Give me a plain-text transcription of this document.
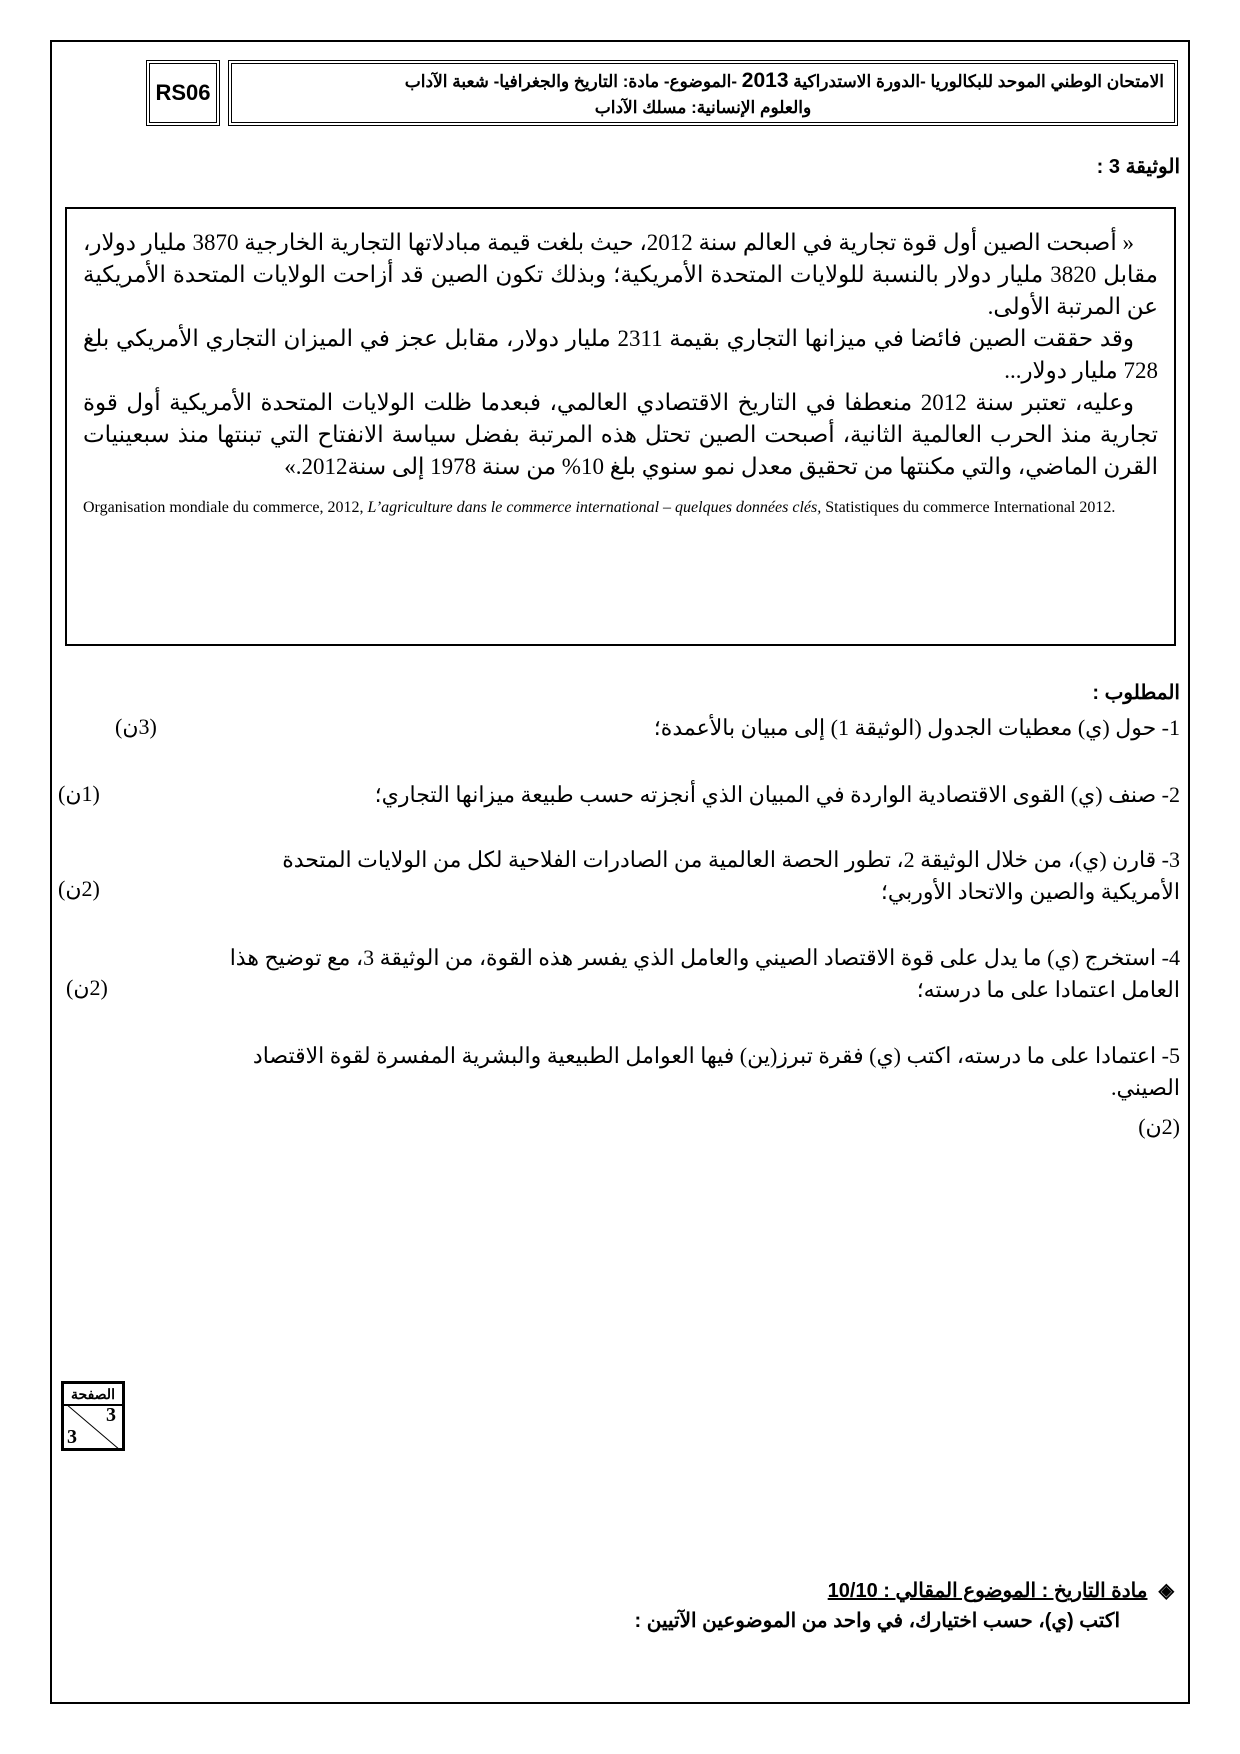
RS06	الامتحان الوطني الموحد للبكالوريا -الدورة الاستدراكية 2013 -الموضوع- مادة: التاريخ والجغرافيا- شعبة الآداب
والعلوم الإنسانية: مسلك الآداب
الوثيقة 3 :

« أصبحت الصين أول قوة تجارية في العالم سنة 2012، حيث بلغت قيمة مبادلاتها التجارية الخارجية 3870 مليار دولار، مقابل 3820 مليار دولار بالنسبة للولايات المتحدة الأمريكية؛ وبذلك تكون الصين قد أزاحت الولايات المتحدة الأمريكية عن المرتبة الأولى.

وقد حققت الصين فائضا في ميزانها التجاري بقيمة 2311 مليار دولار، مقابل عجز في الميزان التجاري الأمريكي بلغ 728 مليار دولار...

وعليه، تعتبر سنة 2012 منعطفا في التاريخ الاقتصادي العالمي، فبعدما ظلت الولايات المتحدة الأمريكية أول قوة تجارية منذ الحرب العالمية الثانية، أصبحت الصين تحتل هذه المرتبة بفضل سياسة الانفتاح التي تبنتها منذ سبعينيات القرن الماضي، والتي مكنتها من تحقيق معدل نمو سنوي بلغ 10% من سنة 1978 إلى سنة2012.»

Organisation mondiale du commerce, 2012, L’agriculture dans le commerce international – quelques données clés, Statistiques du commerce International 2012.
المطلوب :
1- حول (ي) معطيات الجدول (الوثيقة 1) إلى مبيان بالأعمدة؛
(3ن)
2- صنف (ي) القوى الاقتصادية الواردة في المبيان الذي أنجزته حسب طبيعة ميزانها التجاري؛
(1ن)
3- قارن (ي)، من خلال الوثيقة 2، تطور الحصة العالمية من الصادرات الفلاحية لكل من الولايات المتحدة الأمريكية والصين والاتحاد الأوربي؛
(2ن)
4- استخرج (ي) ما يدل على قوة الاقتصاد الصيني والعامل الذي يفسر هذه القوة، من الوثيقة 3، مع توضيح هذا العامل اعتمادا على ما درسته؛
(2ن)
5- اعتمادا على ما درسته، اكتب (ي) فقرة تبرز(ين) فيها العوامل الطبيعية والبشرية المفسرة لقوة الاقتصاد الصيني.
(2ن)
الصفحة
3
3
◈  مادة التاريخ : الموضوع المقالي : 10/10
اكتب (ي)، حسب اختيارك، في واحد من الموضوعين الآتيين :
